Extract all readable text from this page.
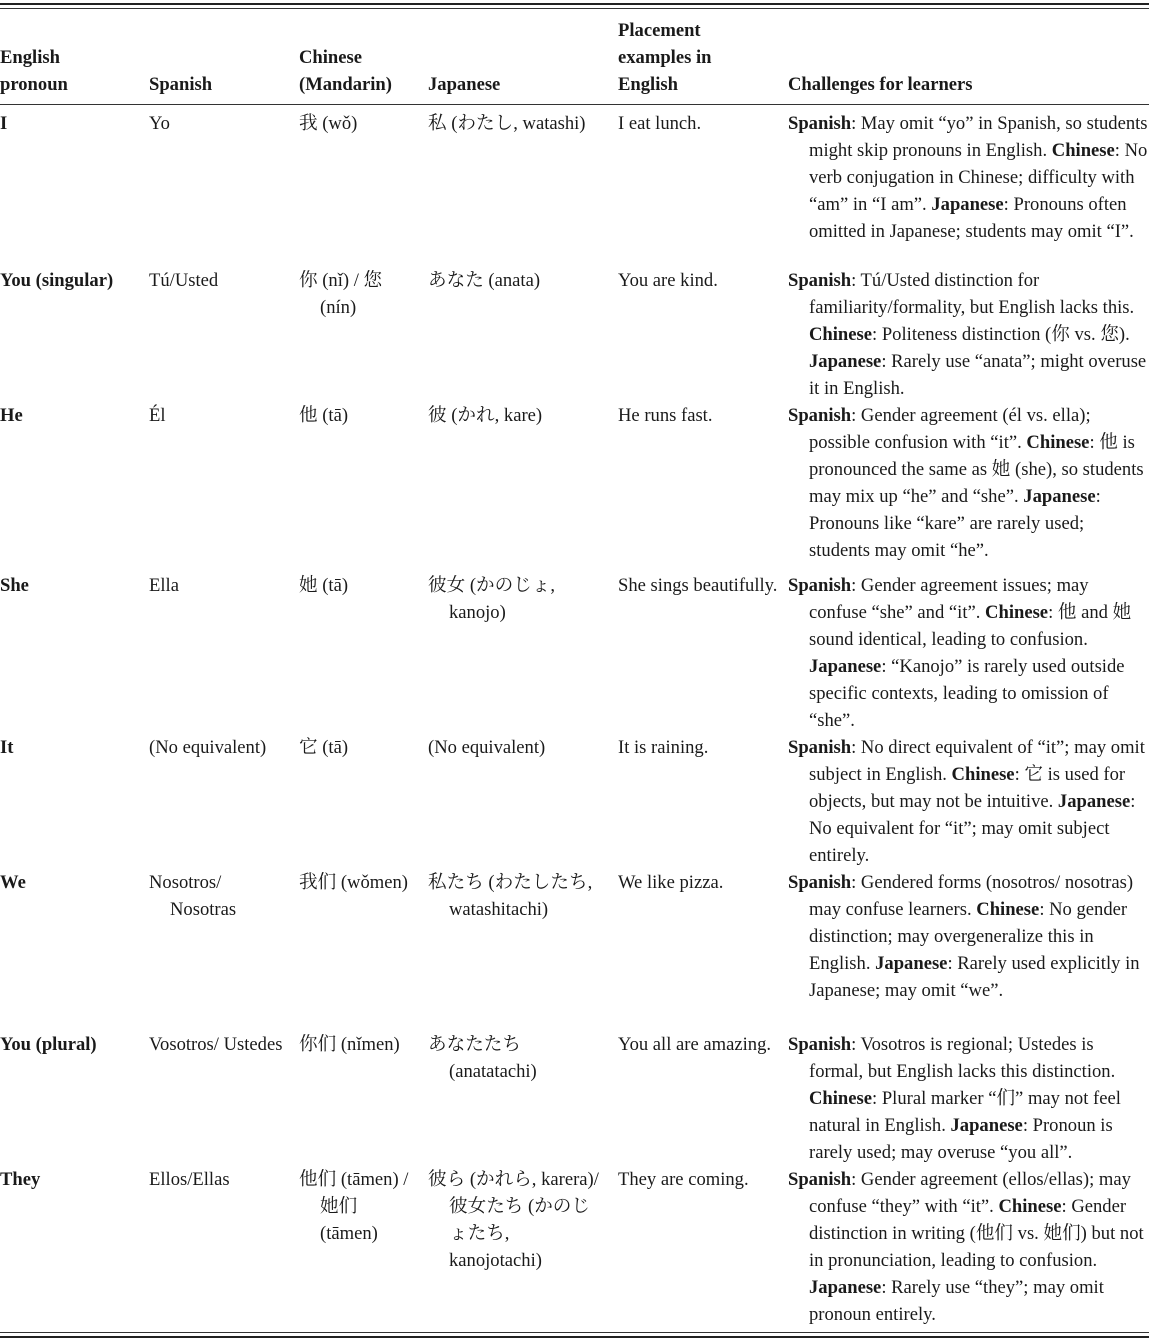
English pronoun	Spanish	Chinese (Mandarin)	Japanese	Placement examples in English	Challenges for learners

I	Yo	我 (wǒ)	私 (わたし, watashi)	I eat lunch.	Spanish: May omit “yo” in Spanish, so students might skip pronouns in English. Chinese: No verb conjugation in Chinese; difficulty with “am” in “I am”. Japanese: Pronouns often omitted in Japanese; students may omit “I”.

You (singular)	Tú/Usted	你 (nǐ) / 您 (nín)	あなた (anata)	You are kind.	Spanish: Tú/Usted distinction for familiarity/formality, but English lacks this. Chinese: Politeness distinction (你 vs. 您). Japanese: Rarely use “anata”; might overuse it in English.

He	Él	他 (tā)	彼 (かれ, kare)	He runs fast.	Spanish: Gender agreement (él vs. ella); possible confusion with “it”. Chinese: 他 is pronounced the same as 她 (she), so students may mix up “he” and “she”. Japanese: Pronouns like “kare” are rarely used; students may omit “he”.

She	Ella	她 (tā)	彼女 (かのじょ, kanojo)	She sings beautifully.	Spanish: Gender agreement issues; may confuse “she” and “it”. Chinese: 他 and 她 sound identical, leading to confusion. Japanese: “Kanojo” is rarely used outside specific contexts, leading to omission of “she”.

It	(No equivalent)	它 (tā)	(No equivalent)	It is raining.	Spanish: No direct equivalent of “it”; may omit subject in English. Chinese: 它 is used for objects, but may not be intuitive. Japanese: No equivalent for “it”; may omit subject entirely.

We	Nosotros/ Nosotras	我们 (wǒmen)	私たち (わたしたち, watashitachi)	We like pizza.	Spanish: Gendered forms (nosotros/ nosotras) may confuse learners. Chinese: No gender distinction; may overgeneralize this in English. Japanese: Rarely used explicitly in Japanese; may omit “we”.

You (plural)	Vosotros/ Ustedes	你们 (nǐmen)	あなたたち (anatatachi)	You all are amazing.	Spanish: Vosotros is regional; Ustedes is formal, but English lacks this distinction. Chinese: Plural marker “们” may not feel natural in English. Japanese: Pronoun is rarely used; may overuse “you all”.

They	Ellos/Ellas	他们 (tāmen) / 她们 (tāmen)	彼ら (かれら, karera)/彼女たち (かのじょたち, kanojotachi)	They are coming.	Spanish: Gender agreement (ellos/ellas); may confuse “they” with “it”. Chinese: Gender distinction in writing (他们 vs. 她们) but not in pronunciation, leading to confusion. Japanese: Rarely use “they”; may omit pronoun entirely.
